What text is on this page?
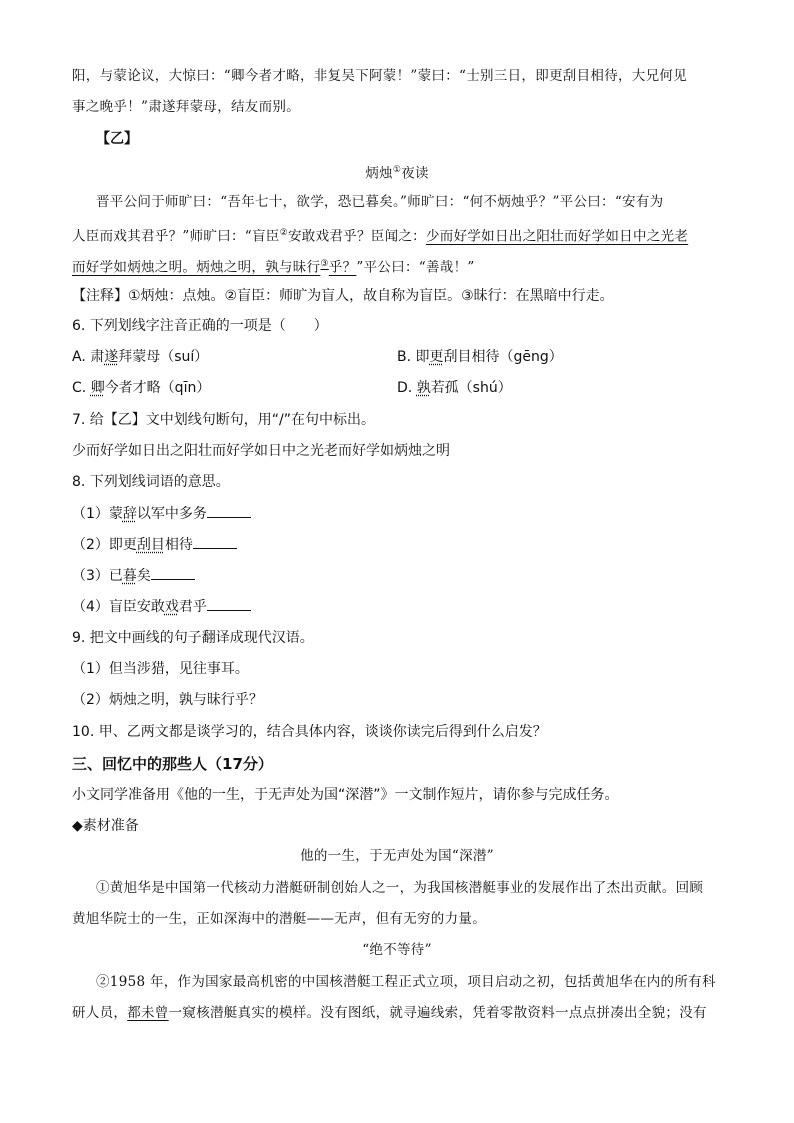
阳，与蒙论议，大惊曰：“卿今者才略，非复吴下阿蒙！”蒙曰：“士别三日，即更刮目相待，大兄何见
事之晚乎！”肃遂拜蒙母，结友而别。
【乙】
炳烛①夜读
晋平公问于师旷曰：“吾年七十，欲学，恐已暮矣。”师旷曰：“何不炳烛乎？”平公曰：“安有为
人臣而戏其君乎？”师旷曰：“盲臣②安敢戏君乎？臣闻之：少而好学如日出之阳壮而好学如日中之光老
而好学如炳烛之明。炳烛之明，孰与昧行③乎？”平公曰：“善哉！”
【注释】①炳烛：点烛。②盲臣：师旷为盲人，故自称为盲臣。③昧行：在黑暗中行走。
6. 下列划线字注音正确的一项是（　　）
A. 肃遂拜蒙母（suí）	B. 即更刮目相待（gēng）
C. 卿今者才略（qīn）	D. 孰若孤（shú）
7. 给【乙】文中划线句断句，用“/”在句中标出。
少而好学如日出之阳壮而好学如日中之光老而好学如炳烛之明
8. 下列划线词语的意思。
（1）蒙辞以军中多务
（2）即更刮目相待
（3）已暮矣
（4）盲臣安敢戏君乎
9. 把文中画线的句子翻译成现代汉语。
（1）但当涉猎，见往事耳。
（2）炳烛之明，孰与昧行乎？
10. 甲、乙两文都是谈学习的，结合具体内容，谈谈你读完后得到什么启发？
三、回忆中的那些人（17分）
小文同学准备用《他的一生，于无声处为国“深潜”》一文制作短片，请你参与完成任务。
◆素材准备
他的一生，于无声处为国“深潜”
①黄旭华是中国第一代核动力潜艇研制创始人之一，为我国核潜艇事业的发展作出了杰出贡献。回顾
黄旭华院士的一生，正如深海中的潜艇——无声，但有无穷的力量。
“绝不等待”
②1958 年，作为国家最高机密的中国核潜艇工程正式立项，项目启动之初，包括黄旭华在内的所有科
研人员，都未曾一窥核潜艇真实的模样。没有图纸，就寻遍线索，凭着零散资料一点点拼凑出全貌；没有
